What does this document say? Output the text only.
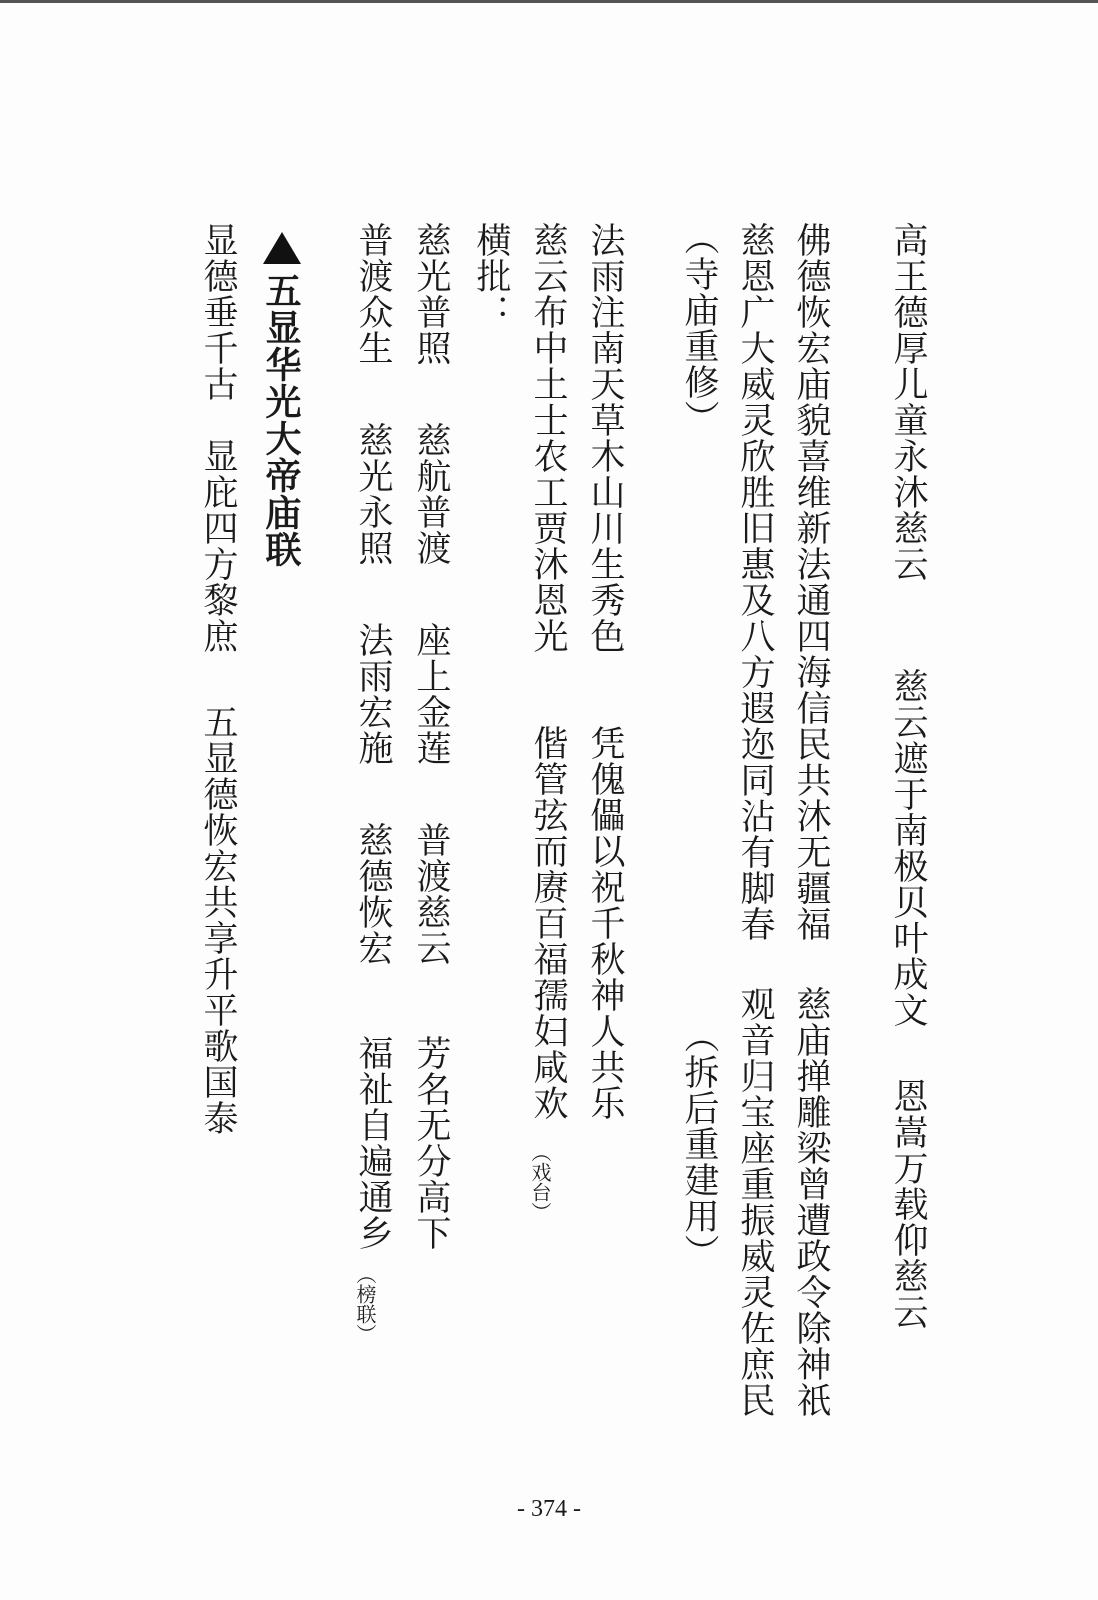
高王德厚儿童永沐慈云
慈云遮于南极贝叶成文
恩嵩万载仰慈云
佛德恢宏庙貌喜维新法通四海信民共沐无疆福
慈庙掸雕梁曾遭政令除神祇
慈恩广大威灵欣胜旧惠及八方遐迩同沾有脚春
观音归宝座重振威灵佐庶民
（寺庙重修）
（拆后重建用）
法雨注南天草木山川生秀色
凭傀儡以祝千秋神人共乐
慈云布中土士农工贾沐恩光
偕管弦而赓百福孺妇咸欢
（戏台）
横批：
慈光普照
慈航普渡
座上金莲
普渡慈云
芳名无分高下
普渡众生
慈光永照
法雨宏施
慈德恢宏
福祉自遍通乡
（榜联）
五显华光大帝庙联
显德垂千古
显庇四方黎庶
五显德恢宏共享升平歌国泰
- 374 -
